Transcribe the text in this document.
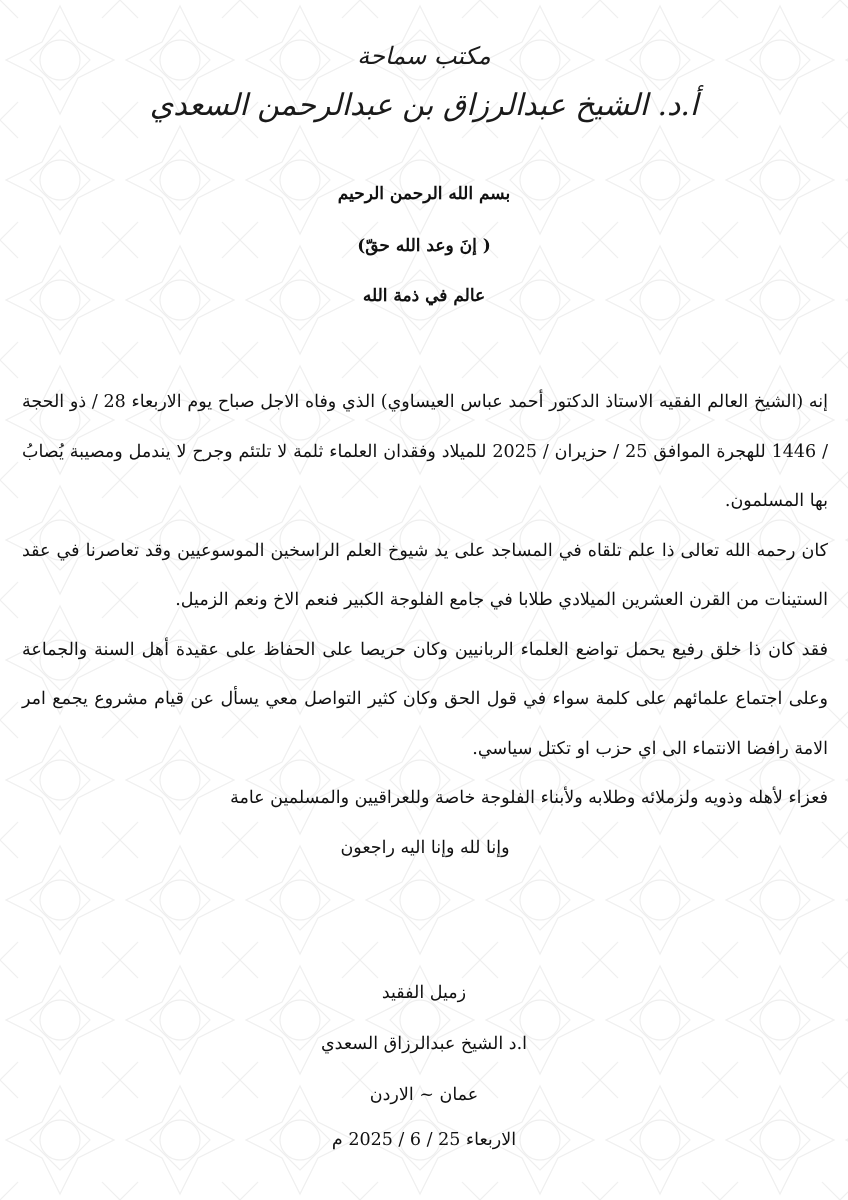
مكتب سماحة
أ.د. الشيخ عبدالرزاق بن عبدالرحمن السعدي
بسم الله الرحمن الرحيم
( إنَ وعد الله حقّ)
عالم في ذمة الله

إنه (الشيخ العالم الفقيه الاستاذ الدكتور أحمد عباس العيساوي) الذي وفاه الاجل صباح يوم الاربعاء 28 / ذو الحجة / 1446 للهجرة الموافق 25 / حزيران / 2025 للميلاد وفقدان العلماء ثلمة لا تلتئم وجرح لا يندمل ومصيبة يُصابُ بها المسلمون.

كان رحمه الله تعالى ذا علم تلقاه في المساجد على يد شيوخ العلم الراسخين الموسوعيين وقد تعاصرنا في عقد الستينات من القرن العشرين الميلادي طلابا في جامع الفلوجة الكبير فنعم الاخ ونعم الزميل.

فقد كان ذا خلق رفيع يحمل تواضع العلماء الربانيين وكان حريصا على الحفاظ على عقيدة أهل السنة والجماعة وعلى اجتماع علمائهم على كلمة سواء في قول الحق وكان كثير التواصل معي يسأل عن قيام مشروع يجمع امر الامة رافضا الانتماء الى اي حزب او تكتل سياسي.

فعزاء لأهله وذويه ولزملائه وطلابه ولأبناء الفلوجة خاصة وللعراقيين والمسلمين عامة

وإنا لله وإنا اليه راجعون

زميل الفقيد
ا.د الشيخ عبدالرزاق السعدي
عمان ~ الاردن
الاربعاء 25 / 6 / 2025 م
